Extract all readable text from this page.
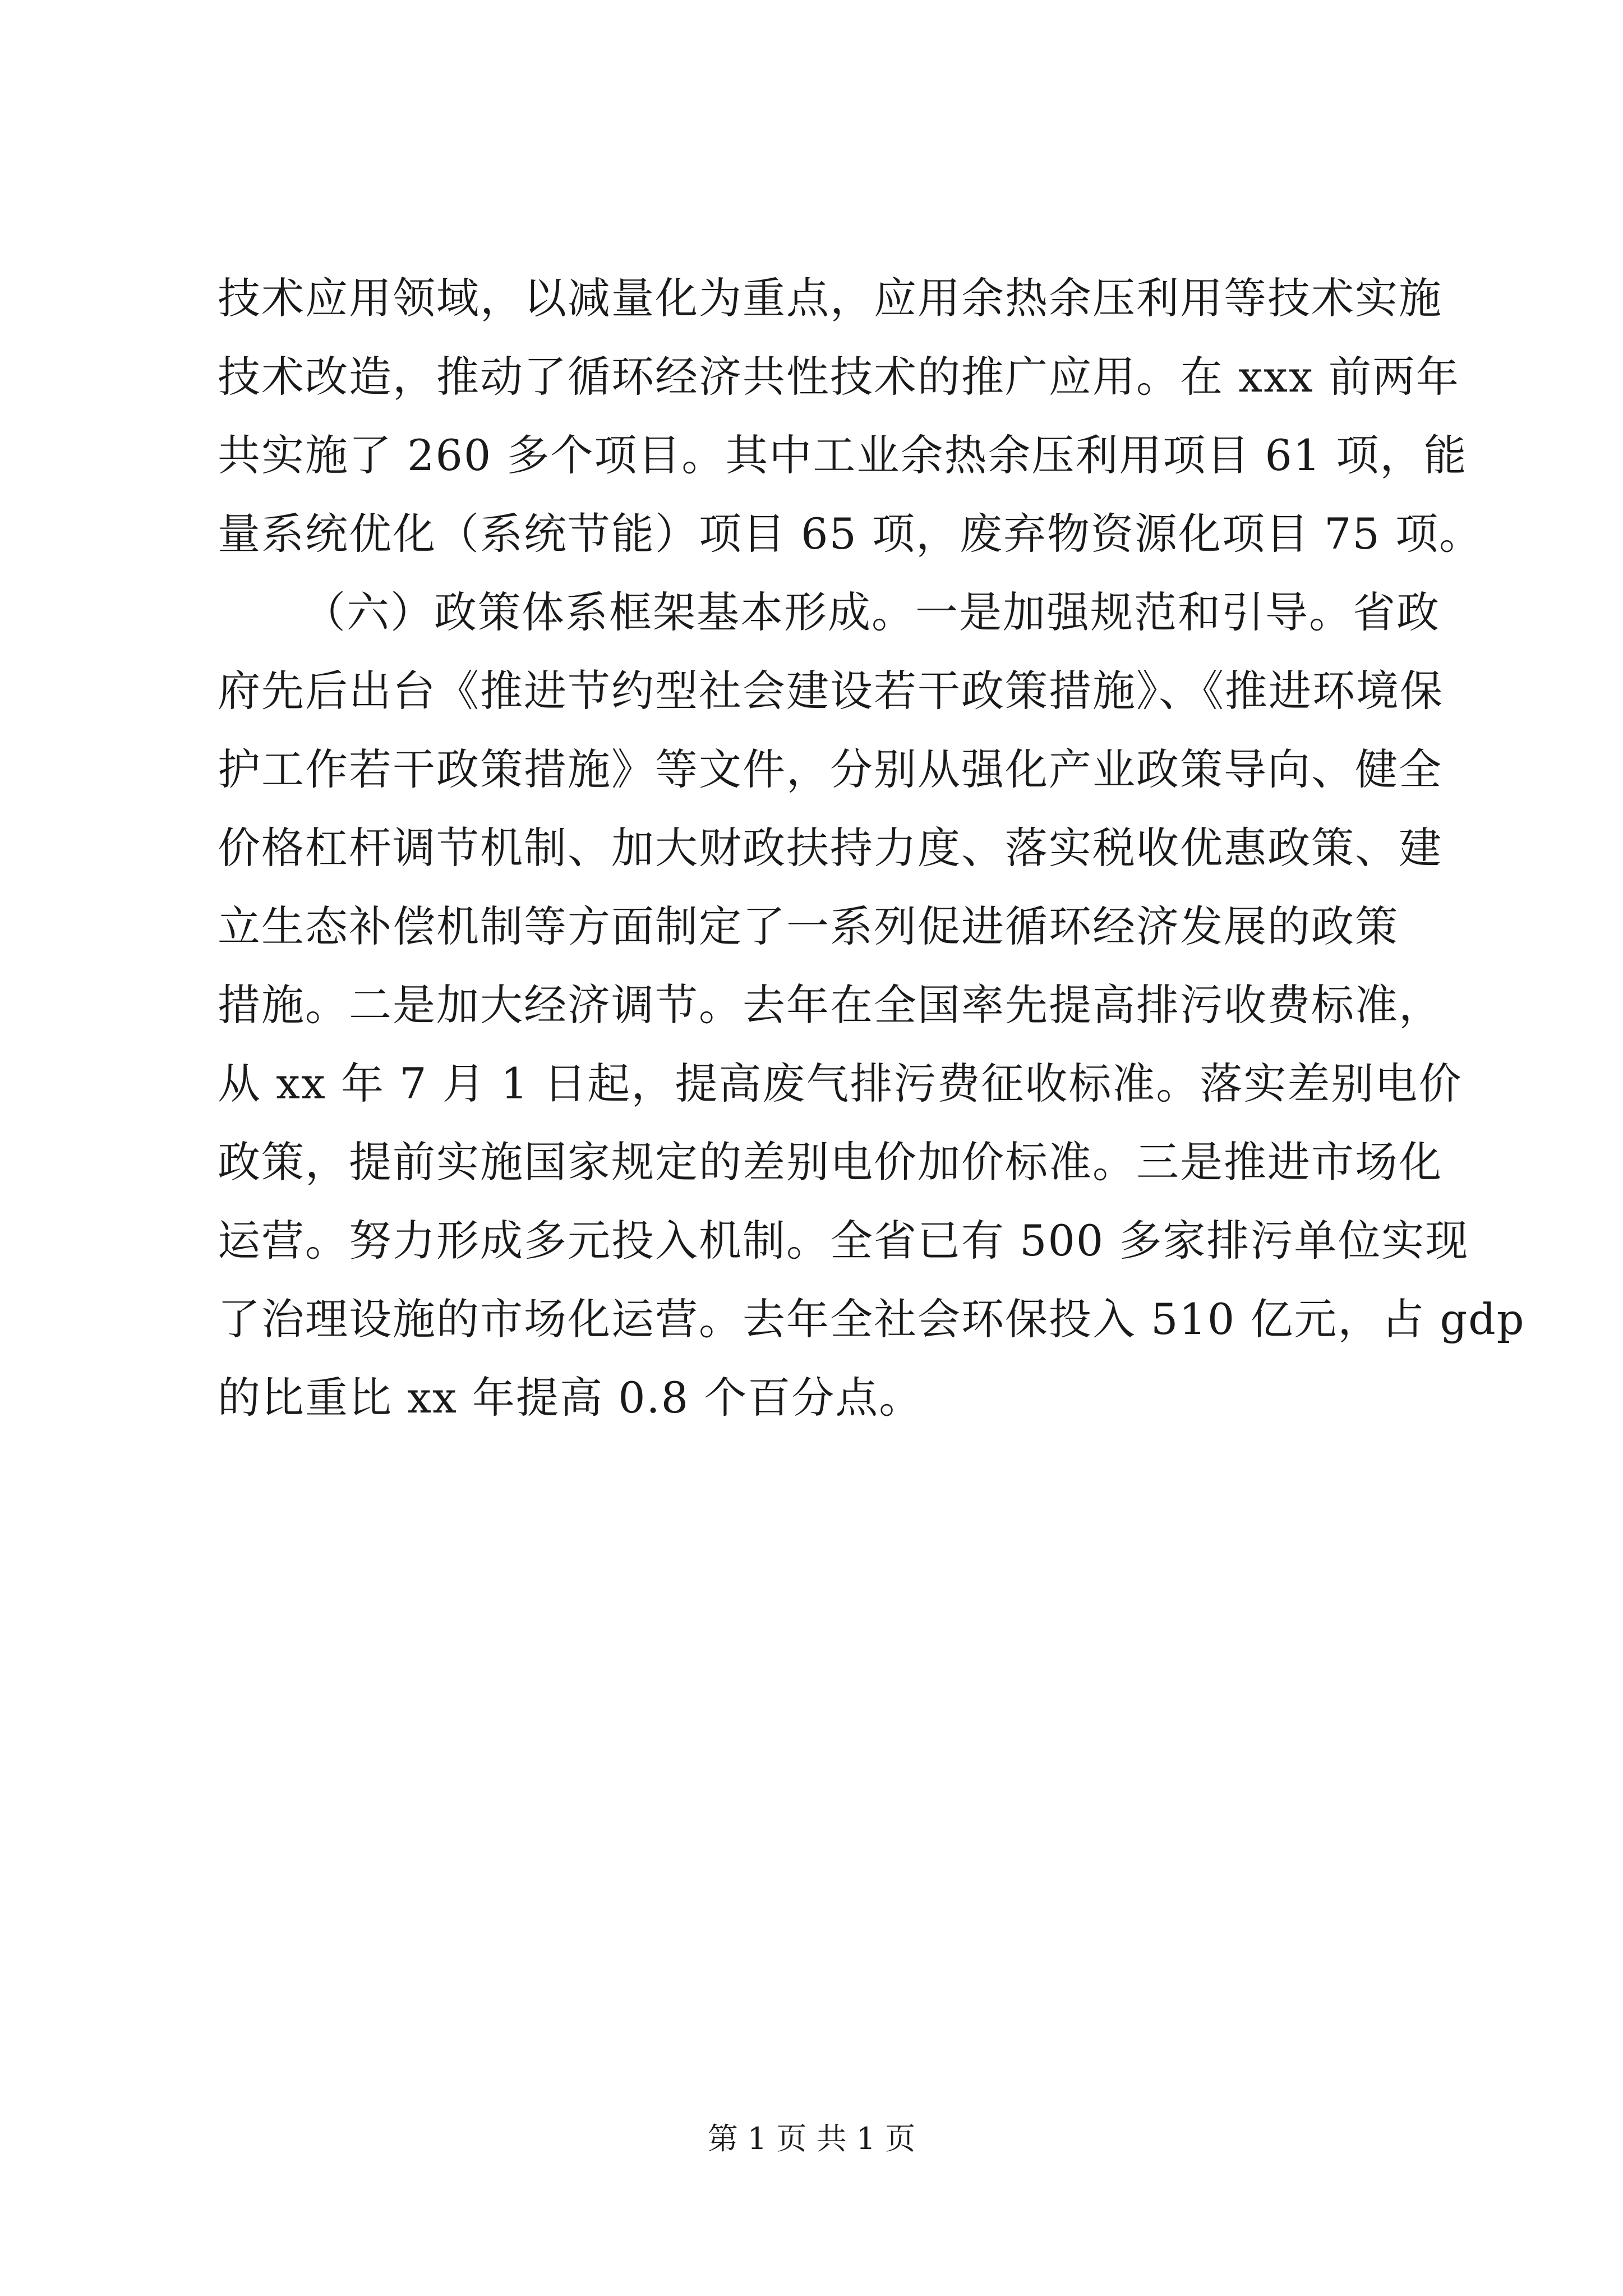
技术应用领域，以减量化为重点，应用余热余压利用等技术实施
技术改造，推动了循环经济共性技术的推广应用。在 xxx 前两年
共实施了 260 多个项目。其中工业余热余压利用项目 61 项，能
量系统优化（系统节能）项目 65 项，废弃物资源化项目 75 项。
（六）政策体系框架基本形成。一是加强规范和引导。省政
府先后出台《推进节约型社会建设若干政策措施》、《推进环境保
护工作若干政策措施》等文件，分别从强化产业政策导向、健全
价格杠杆调节机制、加大财政扶持力度、落实税收优惠政策、建
立生态补偿机制等方面制定了一系列促进循环经济发展的政策
措施。二是加大经济调节。去年在全国率先提高排污收费标准，
从 xx 年 7 月 1 日起，提高废气排污费征收标准。落实差别电价
政策，提前实施国家规定的差别电价加价标准。三是推进市场化
运营。努力形成多元投入机制。全省已有 500 多家排污单位实现
了治理设施的市场化运营。去年全社会环保投入 510 亿元，占 gdp
的比重比 xx 年提高 0.8 个百分点。
第 1 页 共 1 页
